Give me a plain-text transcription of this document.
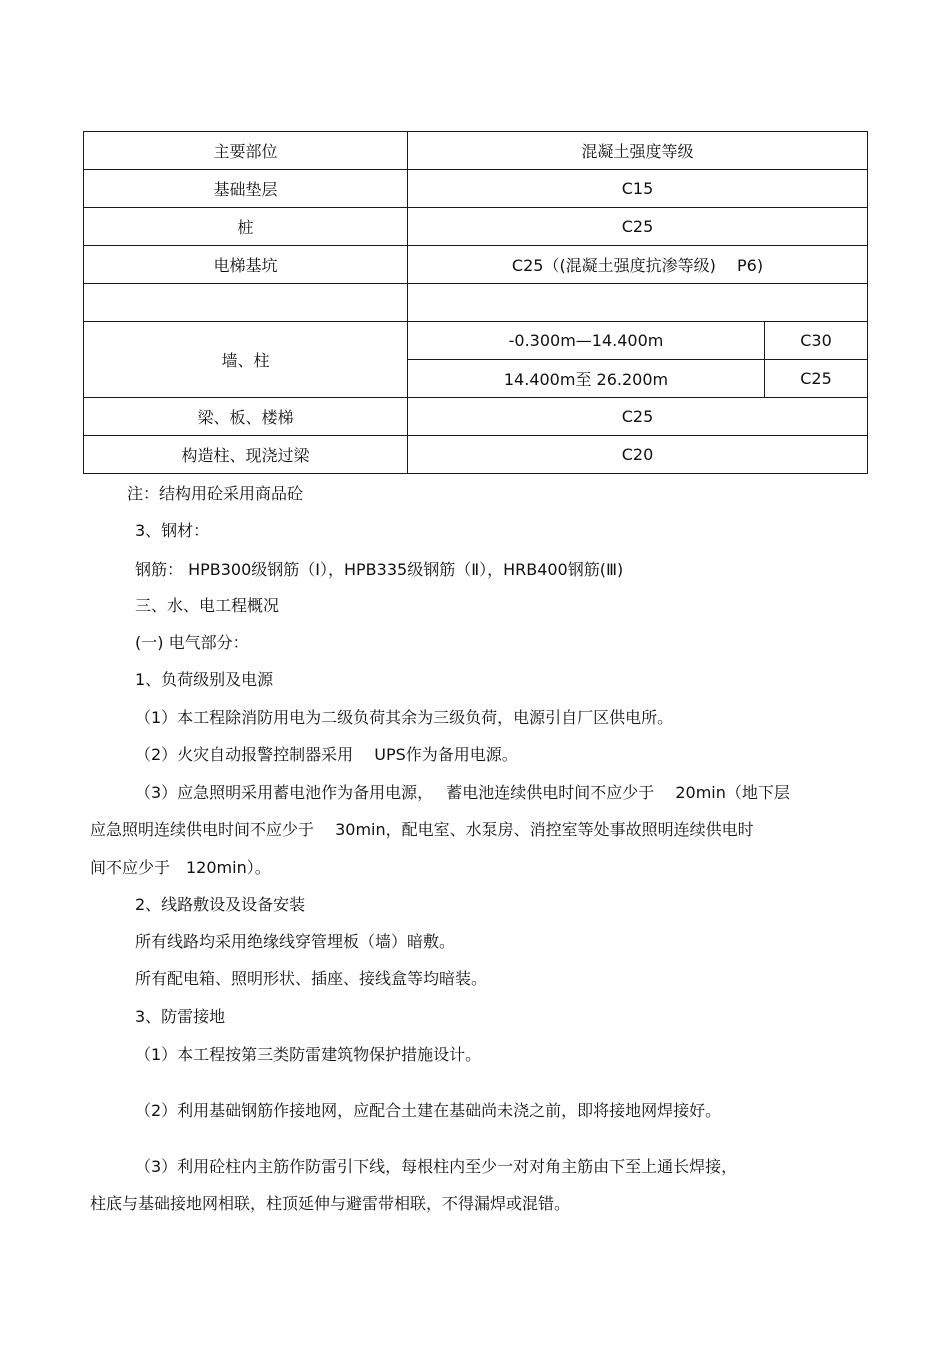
主要部位	混凝土强度等级	
基础垫层	C15	
桩	C25	
电梯基坑	C25（(混凝土强度抗渗等级)　 P6)	

墙、柱	-0.300m—14.400m	C30
	14.400m至 26.200m	C25
梁、板、楼梯	C25	
构造柱、现浇过梁	C20	
注：结构用砼采用商品砼
3、钢材：
钢筋： HPB300级钢筋（Ⅰ），HPB335级钢筋（Ⅱ），HRB400钢筋(Ⅲ)
三、水、电工程概况
(一) 电气部分：
1、负荷级别及电源
（1）本工程除消防用电为二级负荷其余为三级负荷，电源引自厂区供电所。
（2）火灾自动报警控制器采用　 UPS作为备用电源。
（3）应急照明采用蓄电池作为备用电源，　 蓄电池连续供电时间不应少于　 20min（地下层
应急照明连续供电时间不应少于　 30min，配电室、水泵房、消控室等处事故照明连续供电时
间不应少于　120min）。
2、线路敷设及设备安装
所有线路均采用绝缘线穿管埋板（墙）暗敷。
所有配电箱、照明形状、插座、接线盒等均暗装。
3、防雷接地
（1）本工程按第三类防雷建筑物保护措施设计。
（2）利用基础钢筋作接地网，应配合土建在基础尚未浇之前，即将接地网焊接好。
（3）利用砼柱内主筋作防雷引下线，每根柱内至少一对对角主筋由下至上通长焊接，
柱底与基础接地网相联，柱顶延伸与避雷带相联，不得漏焊或混错。
